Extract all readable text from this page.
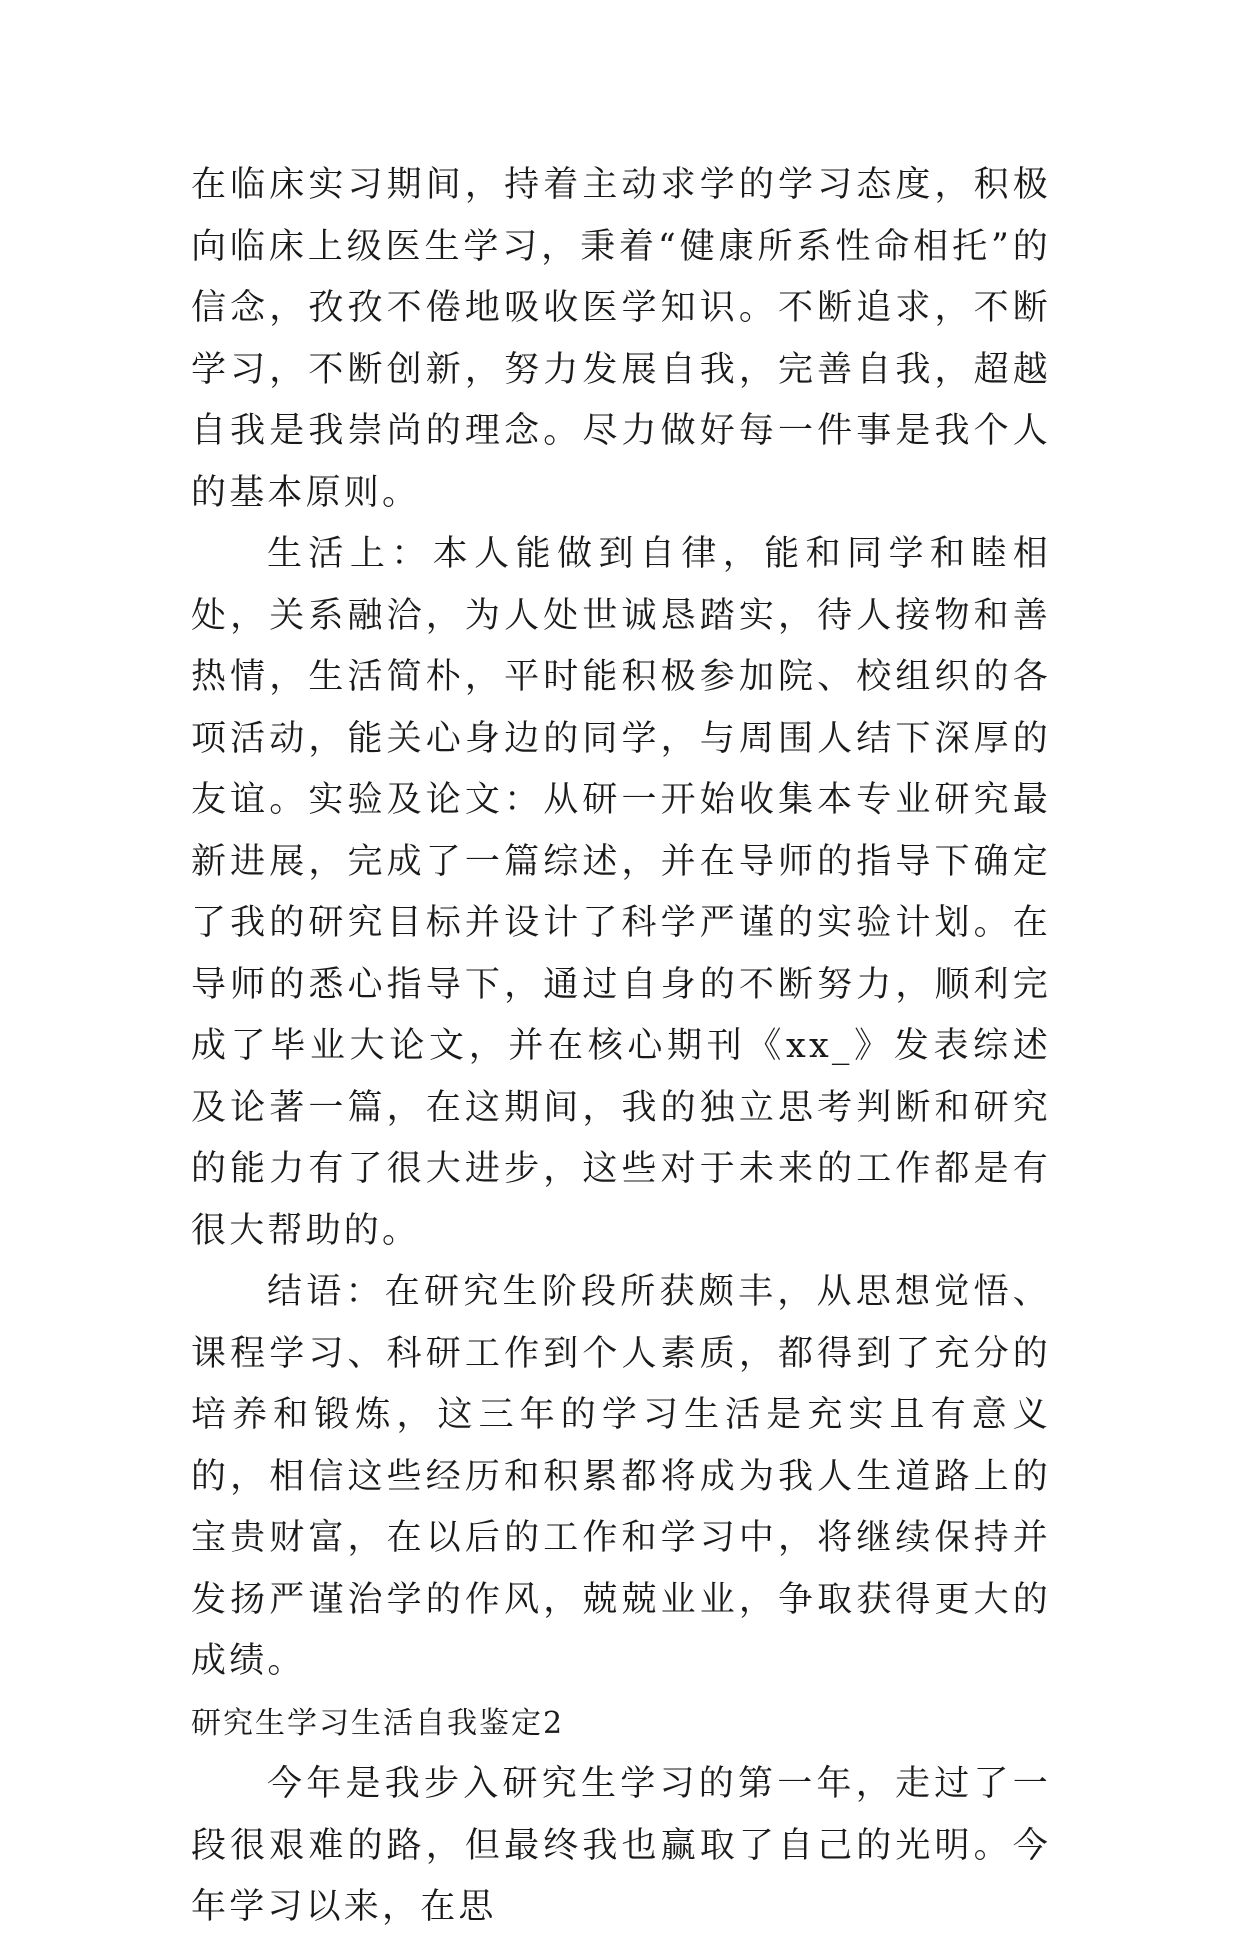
在临床实习期间，持着主动求学的学习态度，积极向临床上级医生学习，秉着“健康所系性命相托”的信念，孜孜不倦地吸收医学知识。不断追求，不断学习，不断创新，努力发展自我，完善自我，超越自我是我崇尚的理念。尽力做好每一件事是我个人的基本原则。

生活上：本人能做到自律，能和同学和睦相处，关系融洽，为人处世诚恳踏实，待人接物和善热情，生活简朴，平时能积极参加院、校组织的各项活动，能关心身边的同学，与周围人结下深厚的友谊。实验及论文：从研一开始收集本专业研究最新进展，完成了一篇综述，并在导师的指导下确定了我的研究目标并设计了科学严谨的实验计划。在导师的悉心指导下，通过自身的不断努力，顺利完成了毕业大论文，并在核心期刊《xx_》发表综述及论著一篇，在这期间，我的独立思考判断和研究的能力有了很大进步，这些对于未来的工作都是有很大帮助的。

结语：在研究生阶段所获颇丰，从思想觉悟、课程学习、科研工作到个人素质，都得到了充分的培养和锻炼，这三年的学习生活是充实且有意义的，相信这些经历和积累都将成为我人生道路上的宝贵财富，在以后的工作和学习中，将继续保持并发扬严谨治学的作风，兢兢业业，争取获得更大的成绩。

研究生学习生活自我鉴定2

今年是我步入研究生学习的第一年，走过了一段很艰难的路，但最终我也赢取了自己的光明。今年学习以来，在思
